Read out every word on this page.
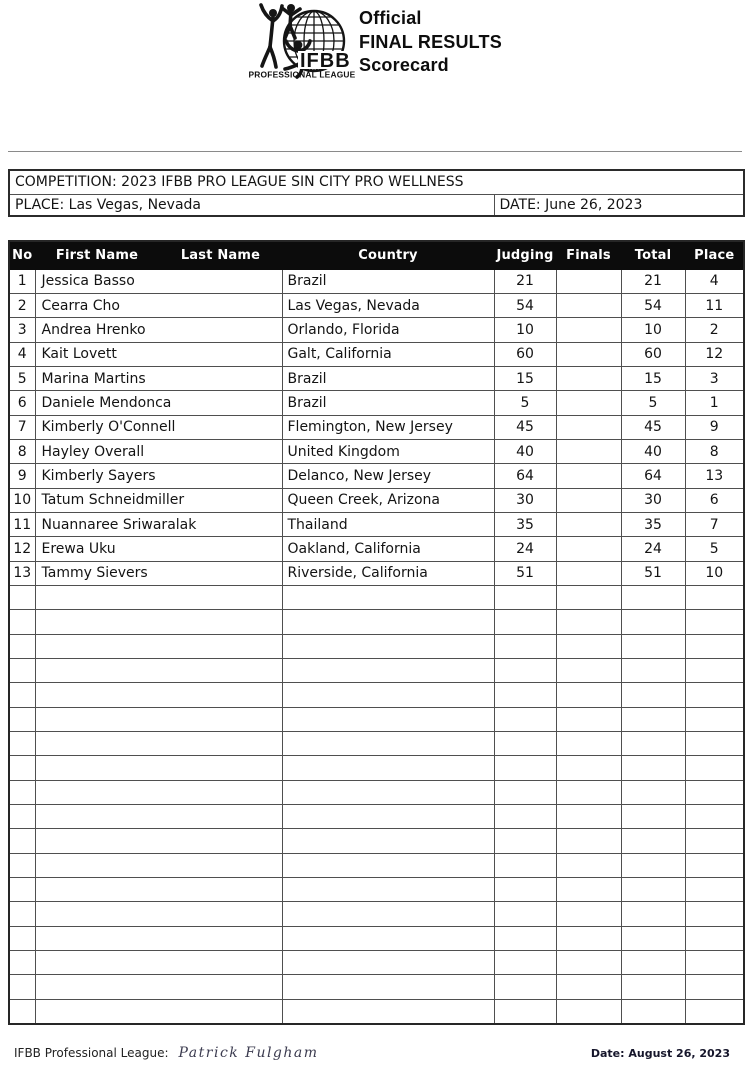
IFBB
PROFESSIONAL LEAGUE
Official
FINAL RESULTS
Scorecard
COMPETITION: 2023 IFBB PRO LEAGUE SIN CITY PRO WELLNESS
PLACE: Las Vegas, Nevada	DATE: June 26, 2023
No	First Name	Last Name	Country	Judging	Finals	Total	Place
1	Jessica Basso		Brazil	21		21	4
2	Cearra Cho		Las Vegas, Nevada	54		54	11
3	Andrea Hrenko		Orlando, Florida	10		10	2
4	Kait Lovett		Galt, California	60		60	12
5	Marina Martins		Brazil	15		15	3
6	Daniele Mendonca		Brazil	5		5	1
7	Kimberly O'Connell		Flemington, New Jersey	45		45	9
8	Hayley Overall		United Kingdom	40		40	8
9	Kimberly Sayers		Delanco, New Jersey	64		64	13
10	Tatum Schneidmiller		Queen Creek, Arizona	30		30	6
11	Nuannaree Sriwaralak		Thailand	35		35	7
12	Erewa Uku		Oakland, California	24		24	5
13	Tammy Sievers		Riverside, California	51		51	10

IFBB Professional League: Patrick Fulgham	Date: August 26, 2023
